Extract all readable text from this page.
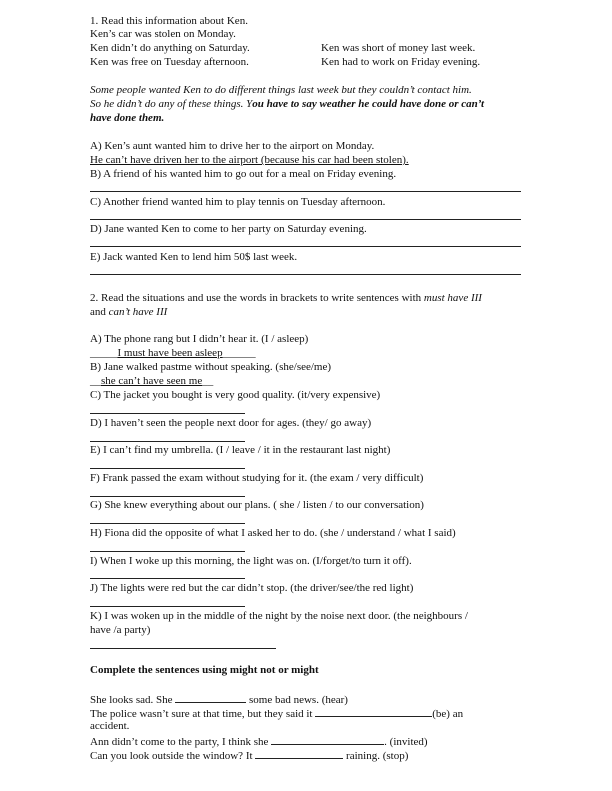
1. Read this information about Ken.
Ken’s car was stolen on Monday.
Ken didn’t do anything on Saturday.
Ken was free on Tuesday afternoon.
Ken was short of money last week.
Ken had to work on Friday evening.
Some people wanted Ken to do different things last week but they couldn’t contact him.
So he didn’t do any of these things. You have to say weather he could have done or can’t
have done them.
A) Ken’s aunt wanted him to drive her to the airport on Monday.
He can’t have driven her to the airport (because his car had been stolen).
B) A friend of his wanted him to go out for a meal on Friday evening.
C) Another friend wanted him to play tennis on Tuesday afternoon.
D) Jane wanted Ken to come to her party on Saturday evening.
E) Jack wanted Ken to lend him 50$ last week.
2. Read the situations and use the words in brackets to write sentences with must have III
and can’t have III
A) The phone rang but I didn’t hear it. (I / asleep)
_____I must have been asleep______
B) Jane walked pastme without speaking. (she/see/me)
__she can’t have seen me__
C) The jacket you bought is very good quality. (it/very expensive)
D) I haven’t seen the people next door for ages. (they/ go away)
E) I can’t find my umbrella. (I / leave / it in the restaurant last night)
F) Frank passed the exam without studying for it. (the exam / very difficult)
G) She knew everything about our plans. ( she / listen / to our conversation)
H) Fiona did the opposite of what I asked her to do. (she / understand / what I said)
I) When I woke up this morning, the light was on. (I/forget/to turn it off).
J) The lights were red but the car didn’t stop. (the driver/see/the red light)
K) I was woken up in the middle of the night by the noise next door. (the neighbours /
have /a party)
Complete the sentences using might not or might
She looks sad. She	some bad news. (hear)
The police wasn’t sure at that time, but they said it	(be) an
accident.
Ann didn’t come to the party, I think she	. (invited)
Can you look outside the window? It	raining. (stop)
